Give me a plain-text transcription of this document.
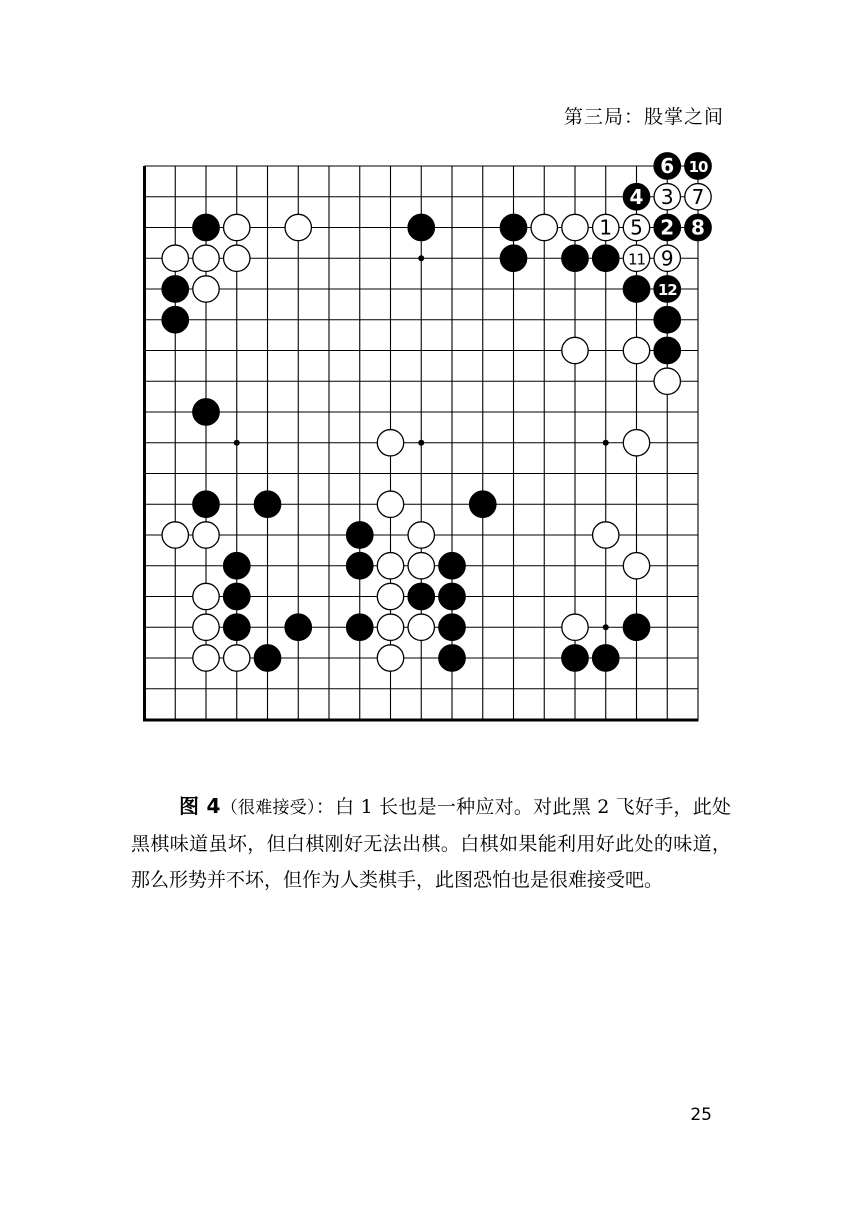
第三局：股掌之间
1 5 2 8
3 7
4
6 10
11 9
12
图 4（很难接受）：白 1 长也是一种应对。对此黑 2 飞好手，此处黑棋味道虽坏，但白棋刚好无法出棋。白棋如果能利用好此处的味道，那么形势并不坏，但作为人类棋手，此图恐怕也是很难接受吧。
25
